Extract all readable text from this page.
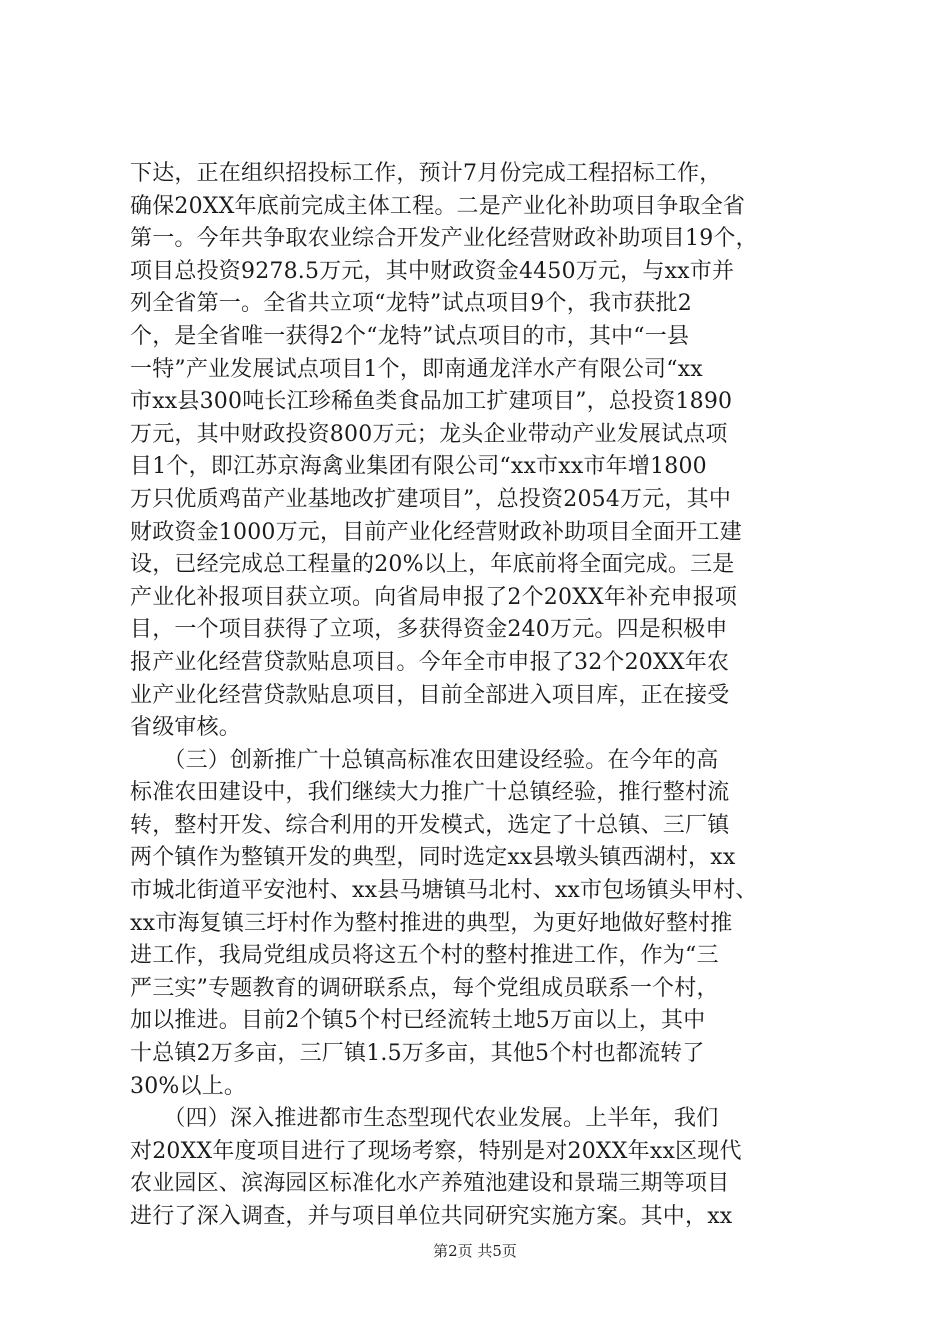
下达，正在组织招投标工作，预计7月份完成工程招标工作，
确保20XX年底前完成主体工程。二是产业化补助项目争取全省
第一。今年共争取农业综合开发产业化经营财政补助项目19个，
项目总投资9278.5万元，其中财政资金4450万元，与xx市并
列全省第一。全省共立项“龙特”试点项目9个，我市获批2
个，是全省唯一获得2个“龙特”试点项目的市，其中“一县
一特”产业发展试点项目1个，即南通龙洋水产有限公司“xx
市xx县300吨长江珍稀鱼类食品加工扩建项目”，总投资1890
万元，其中财政投资800万元；龙头企业带动产业发展试点项
目1个，即江苏京海禽业集团有限公司“xx市xx市年增1800
万只优质鸡苗产业基地改扩建项目”，总投资2054万元，其中
财政资金1000万元，目前产业化经营财政补助项目全面开工建
设，已经完成总工程量的20%以上，年底前将全面完成。三是
产业化补报项目获立项。向省局申报了2个20XX年补充申报项
目，一个项目获得了立项，多获得资金240万元。四是积极申
报产业化经营贷款贴息项目。今年全市申报了32个20XX年农
业产业化经营贷款贴息项目，目前全部进入项目库，正在接受
省级审核。
　　（三）创新推广十总镇高标准农田建设经验。在今年的高
标准农田建设中，我们继续大力推广十总镇经验，推行整村流
转，整村开发、综合利用的开发模式，选定了十总镇、三厂镇
两个镇作为整镇开发的典型，同时选定xx县墩头镇西湖村，xx
市城北街道平安池村、xx县马塘镇马北村、xx市包场镇头甲村、
xx市海复镇三圩村作为整村推进的典型，为更好地做好整村推
进工作，我局党组成员将这五个村的整村推进工作，作为“三
严三实”专题教育的调研联系点，每个党组成员联系一个村，
加以推进。目前2个镇5个村已经流转土地5万亩以上，其中
十总镇2万多亩，三厂镇1.5万多亩，其他5个村也都流转了
30%以上。
　　（四）深入推进都市生态型现代农业发展。上半年，我们
对20XX年度项目进行了现场考察，特别是对20XX年xx区现代
农业园区、滨海园区标准化水产养殖池建设和景瑞三期等项目
进行了深入调查，并与项目单位共同研究实施方案。其中，xx
第2页 共5页
